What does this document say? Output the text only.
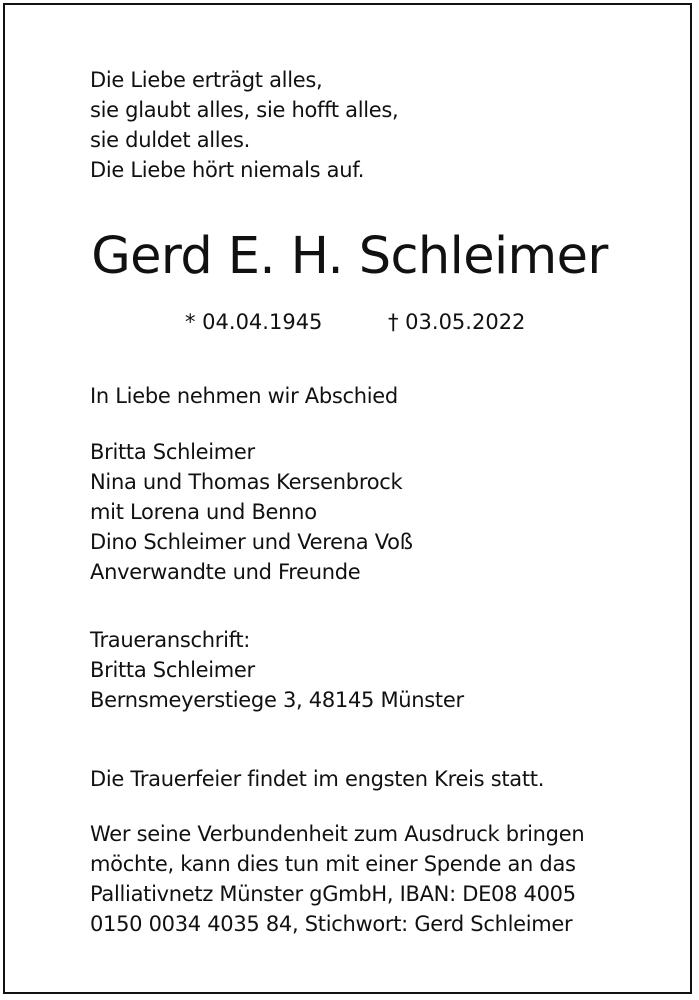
Die Liebe erträgt alles,
sie glaubt alles, sie hofft alles,
sie duldet alles.
Die Liebe hört niemals auf.
Gerd E. H. Schleimer
* 04.04.1945	† 03.05.2022
In Liebe nehmen wir Abschied
Britta Schleimer
Nina und Thomas Kersenbrock
mit Lorena und Benno
Dino Schleimer und Verena Voß
Anverwandte und Freunde
Traueranschrift:
Britta Schleimer
Bernsmeyerstiege 3, 48145 Münster
Die Trauerfeier findet im engsten Kreis statt.
Wer seine Verbundenheit zum Ausdruck bringen
möchte, kann dies tun mit einer Spende an das
Palliativnetz Münster gGmbH, IBAN: DE08 4005
0150 0034 4035 84, Stichwort: Gerd Schleimer
